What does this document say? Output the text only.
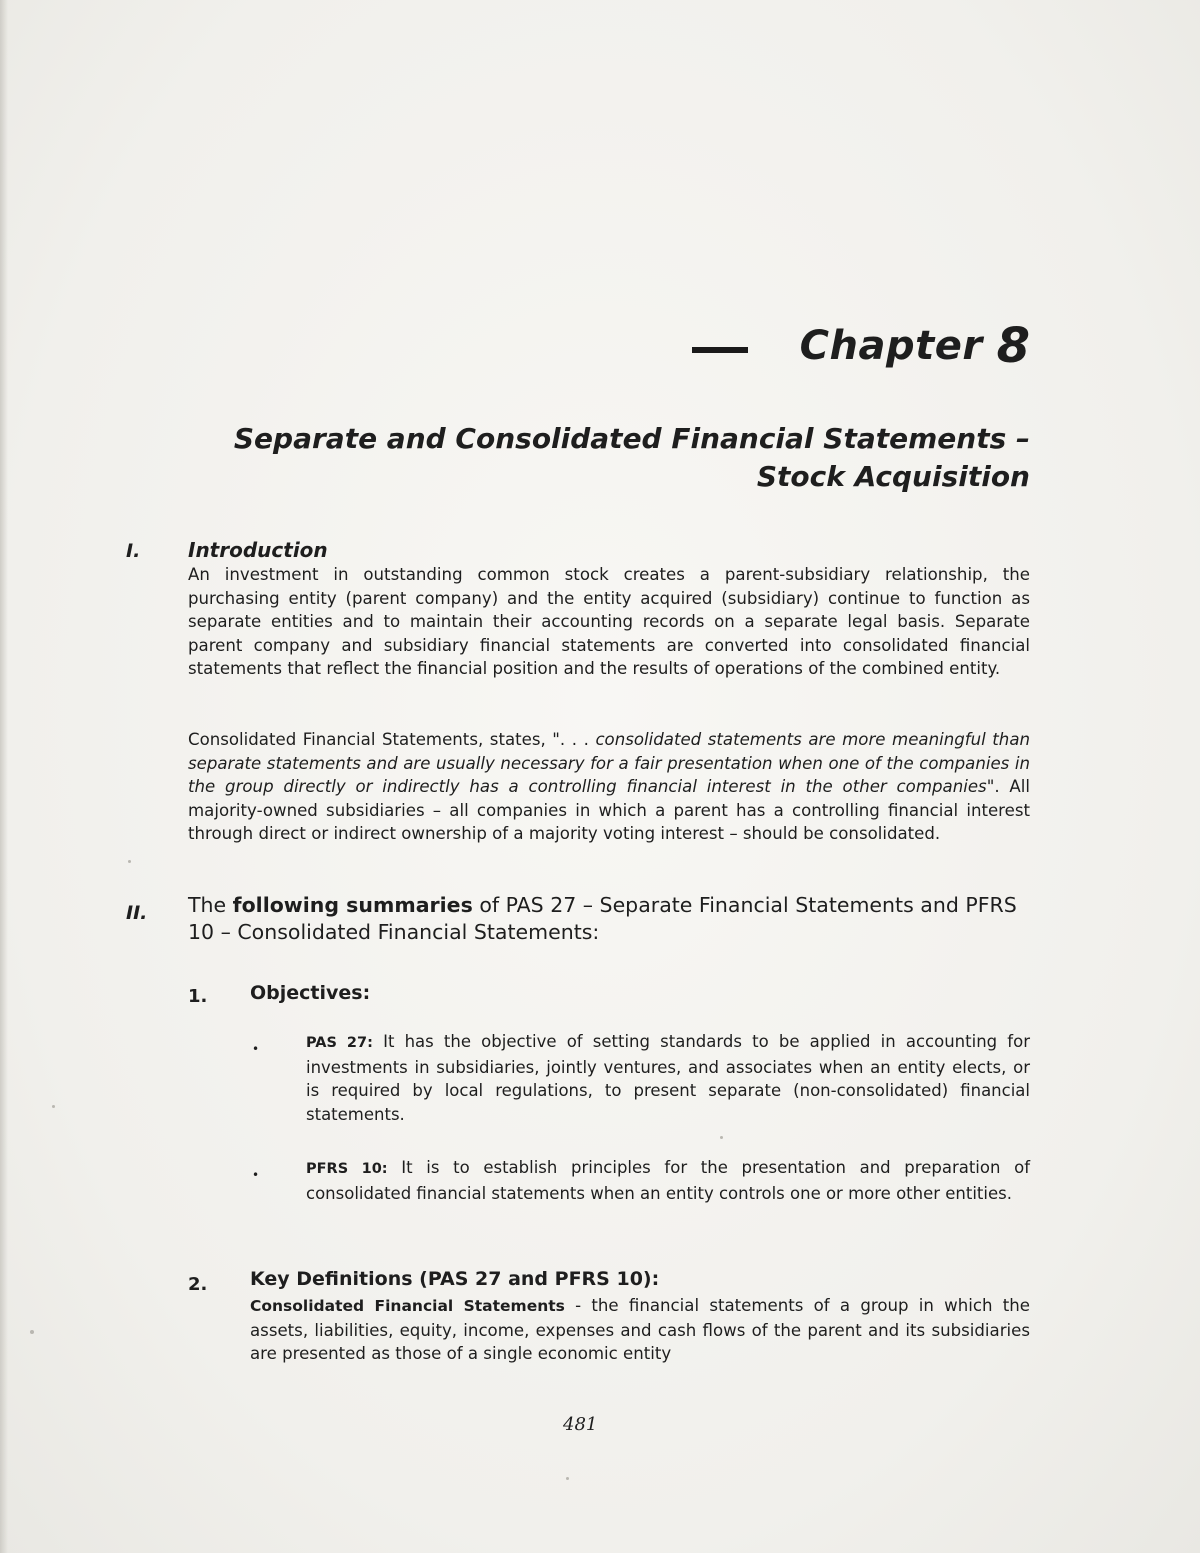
Chapter 8
Separate and Consolidated Financial Statements –
Stock Acquisition
I. Introduction
An investment in outstanding common stock creates a parent-subsidiary relationship, the purchasing entity (parent company) and the entity acquired (subsidiary) continue to function as separate entities and to maintain their accounting records on a separate legal basis. Separate parent company and subsidiary financial statements are converted into consolidated financial statements that reflect the financial position and the results of operations of the combined entity.
Consolidated Financial Statements, states, ". . . consolidated statements are more meaningful than separate statements and are usually necessary for a fair presentation when one of the companies in the group directly or indirectly has a controlling financial interest in the other companies". All majority-owned subsidiaries – all companies in which a parent has a controlling financial interest through direct or indirect ownership of a majority voting interest – should be consolidated.
II. The following summaries of PAS 27 – Separate Financial Statements and PFRS 10 – Consolidated Financial Statements:
1. Objectives:
•	PAS 27: It has the objective of setting standards to be applied in accounting for investments in subsidiaries, jointly ventures, and associates when an entity elects, or is required by local regulations, to present separate (non-consolidated) financial statements.
•	PFRS 10: It is to establish principles for the presentation and preparation of consolidated financial statements when an entity controls one or more other entities.
2. Key Definitions (PAS 27 and PFRS 10):
Consolidated Financial Statements - the financial statements of a group in which the assets, liabilities, equity, income, expenses and cash flows of the parent and its subsidiaries are presented as those of a single economic entity
481
